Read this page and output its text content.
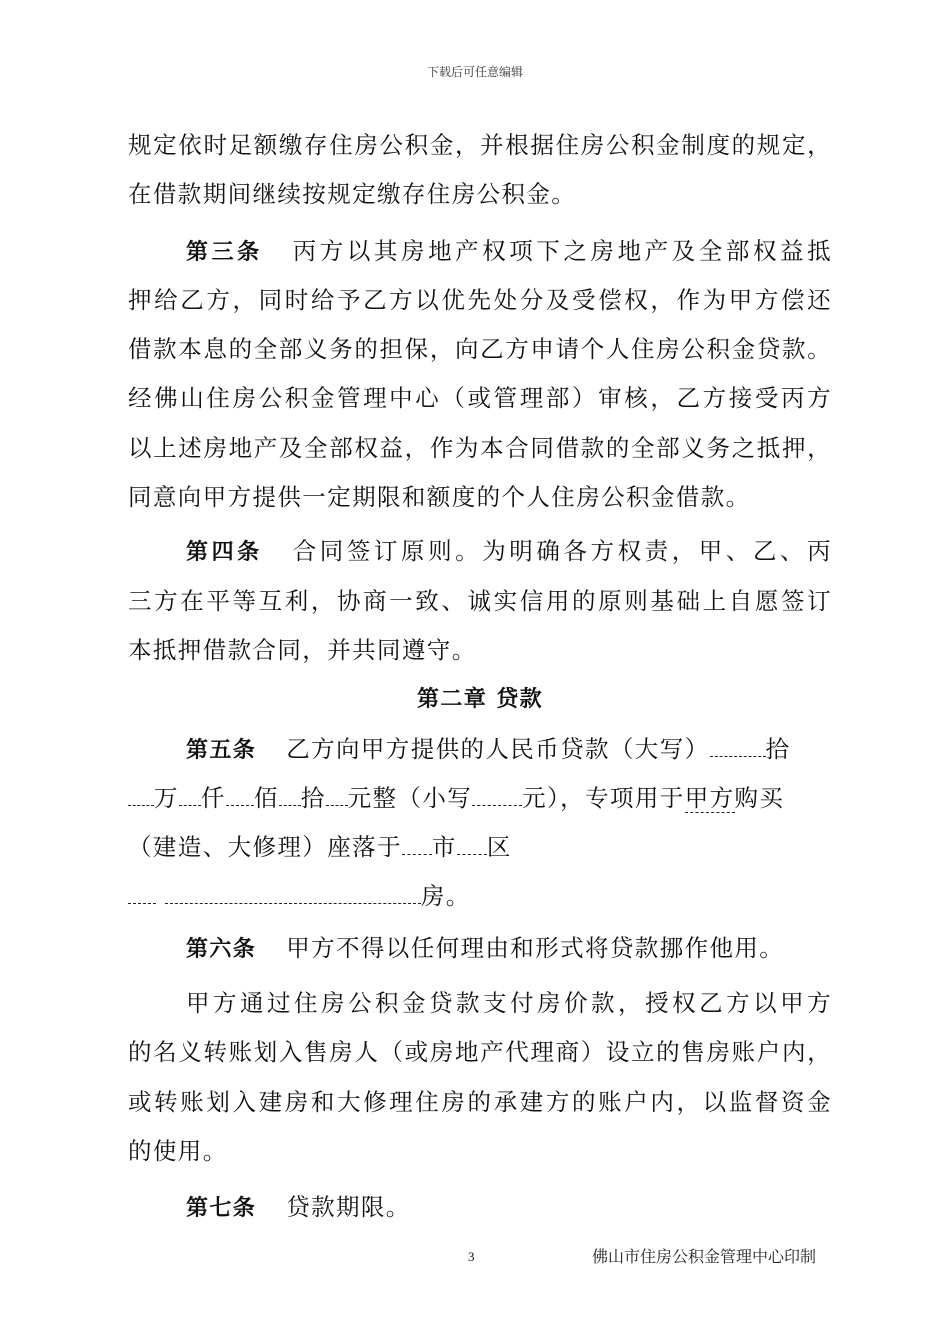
下载后可任意编辑
规定依时足额缴存住房公积金，并根据住房公积金制度的规定，
在借款期间继续按规定缴存住房公积金。
第三条 丙方以其房地产权项下之房地产及全部权益抵
押给乙方，同时给予乙方以优先处分及受偿权，作为甲方偿还
借款本息的全部义务的担保，向乙方申请个人住房公积金贷款。
经佛山住房公积金管理中心（或管理部）审核，乙方接受丙方
以上述房地产及全部权益，作为本合同借款的全部义务之抵押，
同意向甲方提供一定期限和额度的个人住房公积金借款。
第四条 合同签订原则。为明确各方权责，甲、乙、丙
三方在平等互利，协商一致、诚实信用的原则基础上自愿签订
本抵押借款合同，并共同遵守。
第二章 贷款
第五条 乙方向甲方提供的人民币贷款（大写） 拾
万 仟 佰 拾 元整（小写 元），专项用于甲方购买
（建造、大修理）座落于 市 区
房。
第六条 甲方不得以任何理由和形式将贷款挪作他用。
甲方通过住房公积金贷款支付房价款，授权乙方以甲方
的名义转账划入售房人（或房地产代理商）设立的售房账户内，
或转账划入建房和大修理住房的承建方的账户内，以监督资金
的使用。
第七条 贷款期限。
3	佛山市住房公积金管理中心印制
